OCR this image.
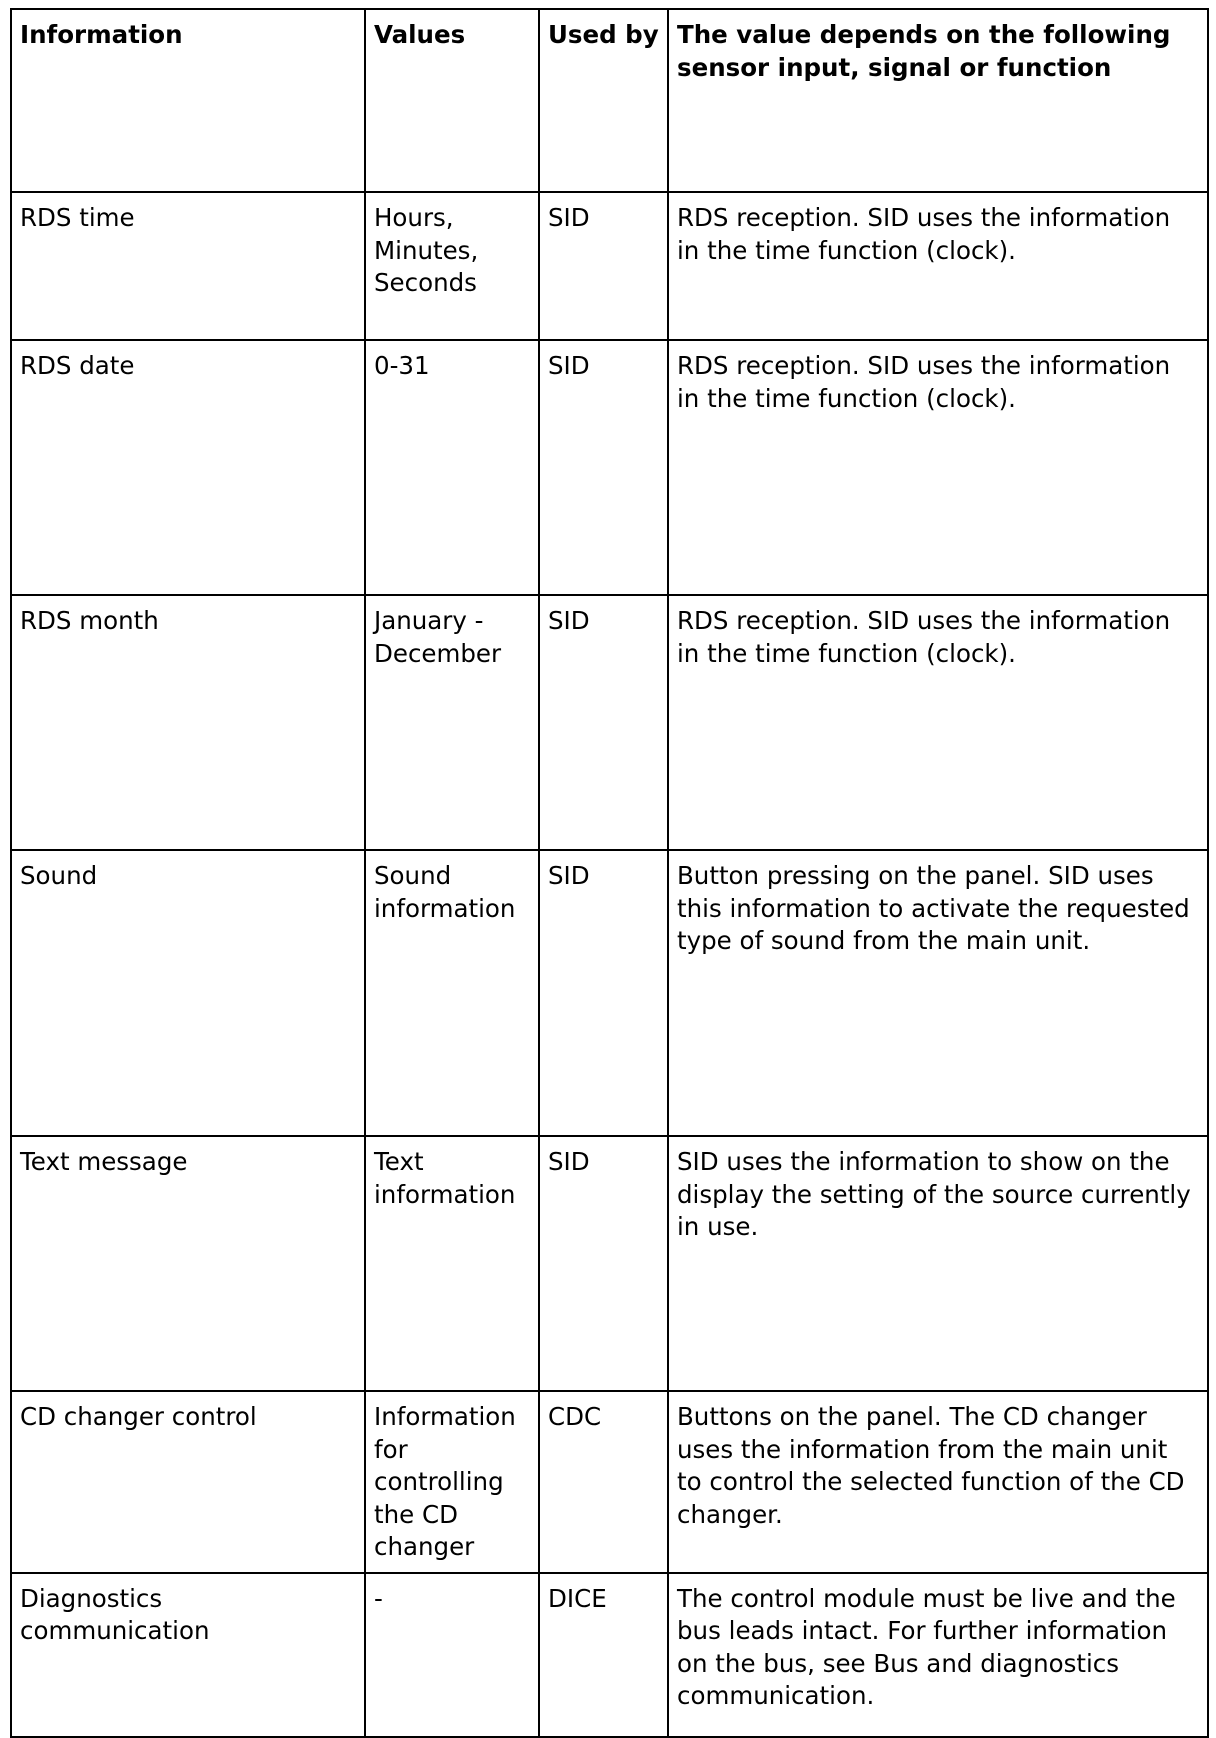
Information	Values	Used by	The value depends on the following sensor input, signal or function
RDS time	Hours, Minutes, Seconds	SID	RDS reception. SID uses the information in the time function (clock).
RDS date	0-31	SID	RDS reception. SID uses the information in the time function (clock).
RDS month	January - December	SID	RDS reception. SID uses the information in the time function (clock).
Sound	Sound information	SID	Button pressing on the panel. SID uses this information to activate the requested type of sound from the main unit.
Text message	Text information	SID	SID uses the information to show on the display the setting of the source currently in use.
CD changer control	Information for controlling the CD changer	CDC	Buttons on the panel. The CD changer uses the information from the main unit to control the selected function of the CD changer.
Diagnostics communication	-	DICE	The control module must be live and the bus leads intact. For further information on the bus, see Bus and diagnostics communication.
